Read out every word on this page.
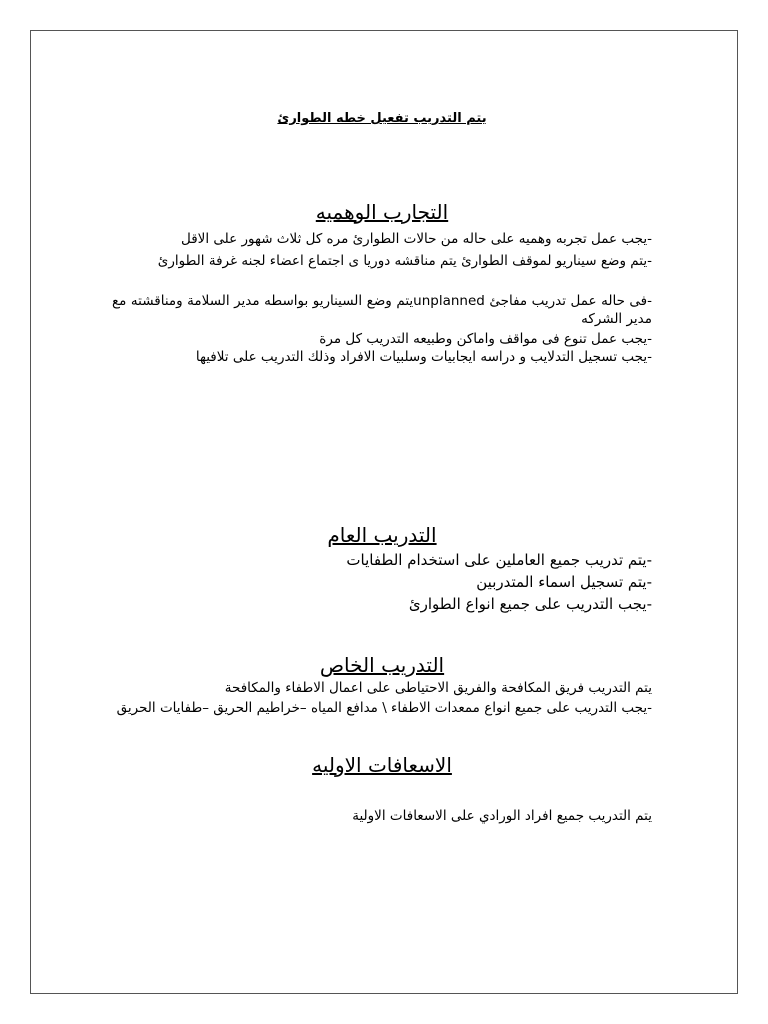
يتم التدريب تفعيل خطه الطوارئ
التجارب الوهميه

-يجب عمل تجربه وهميه على حاله من حالات الطوارئ مره كل ثلاث شهور على الاقل

-يتم وضع سيناريو لموقف الطوارئ يتم مناقشه دوريا ى اجتماع اعضاء لجنه غرفة الطوارئ

-فى حاله عمل تدريب مفاجئ unplannedيتم وضع السيناريو بواسطه مدير السلامة ومناقشته مع مدير الشركه

-يجب عمل تنوع فى مواقف واماكن وطبيعه التدريب كل مرة

-يجب تسجيل التدلايب و دراسه ايجابيات وسلبيات الافراد وذلك التدريب على تلافيها

التدريب العام

-يتم تدريب جميع العاملين على استخدام الطفايات

-يتم تسجيل اسماء المتدربين

-يجب التدريب على جميع انواع الطوارئ

التدريب الخاص

يتم التدريب فريق المكافحة والفريق الاحتياطى على اعمال الاطفاء والمكافحة

-يجب التدريب على جميع انواع ممعدات الاطفاء \ مدافع المياه –خراطيم الحريق –طفايات الحريق

الاسعافات الاوليه

يتم التدريب جميع افراد الورادي على الاسعافات الاولية
